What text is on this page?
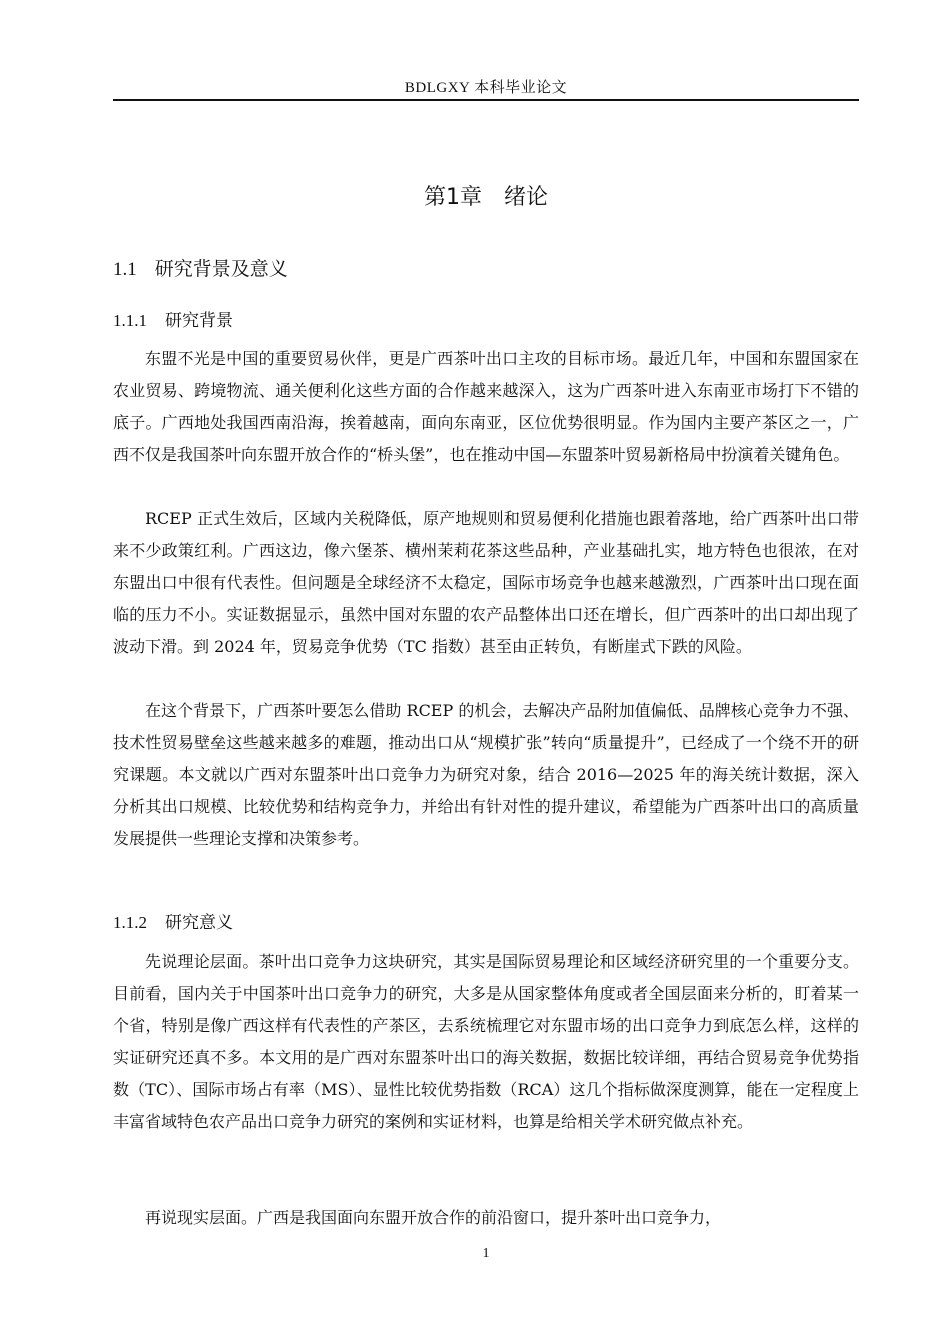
BDLGXY 本科毕业论文
第1章 绪论
1.1 研究背景及意义
1.1.1 研究背景

东盟不光是中国的重要贸易伙伴，更是广西茶叶出口主攻的目标市场。最近几年，中国和东盟国家在农业贸易、跨境物流、通关便利化这些方面的合作越来越深入，这为广西茶叶进入东南亚市场打下不错的底子。广西地处我国西南沿海，挨着越南，面向东南亚，区位优势很明显。作为国内主要产茶区之一，广西不仅是我国茶叶向东盟开放合作的“桥头堡”，也在推动中国—东盟茶叶贸易新格局中扮演着关键角色。

RCEP 正式生效后，区域内关税降低，原产地规则和贸易便利化措施也跟着落地，给广西茶叶出口带来不少政策红利。广西这边，像六堡茶、横州茉莉花茶这些品种，产业基础扎实，地方特色也很浓，在对东盟出口中很有代表性。但问题是全球经济不太稳定，国际市场竞争也越来越激烈，广西茶叶出口现在面临的压力不小。实证数据显示，虽然中国对东盟的农产品整体出口还在增长，但广西茶叶的出口却出现了波动下滑。到 2024 年，贸易竞争优势（TC 指数）甚至由正转负，有断崖式下跌的风险。

在这个背景下，广西茶叶要怎么借助 RCEP 的机会，去解决产品附加值偏低、品牌核心竞争力不强、技术性贸易壁垒这些越来越多的难题，推动出口从“规模扩张”转向“质量提升”，已经成了一个绕不开的研究课题。本文就以广西对东盟茶叶出口竞争力为研究对象，结合 2016—2025 年的海关统计数据，深入分析其出口规模、比较优势和结构竞争力，并给出有针对性的提升建议，希望能为广西茶叶出口的高质量发展提供一些理论支撑和决策参考。

1.1.2 研究意义

先说理论层面。茶叶出口竞争力这块研究，其实是国际贸易理论和区域经济研究里的一个重要分支。目前看，国内关于中国茶叶出口竞争力的研究，大多是从国家整体角度或者全国层面来分析的，盯着某一个省，特别是像广西这样有代表性的产茶区，去系统梳理它对东盟市场的出口竞争力到底怎么样，这样的实证研究还真不多。本文用的是广西对东盟茶叶出口的海关数据，数据比较详细，再结合贸易竞争优势指数（TC）、国际市场占有率（MS）、显性比较优势指数（RCA）这几个指标做深度测算，能在一定程度上丰富省域特色农产品出口竞争力研究的案例和实证材料，也算是给相关学术研究做点补充。

再说现实层面。广西是我国面向东盟开放合作的前沿窗口，提升茶叶出口竞争力，

1
